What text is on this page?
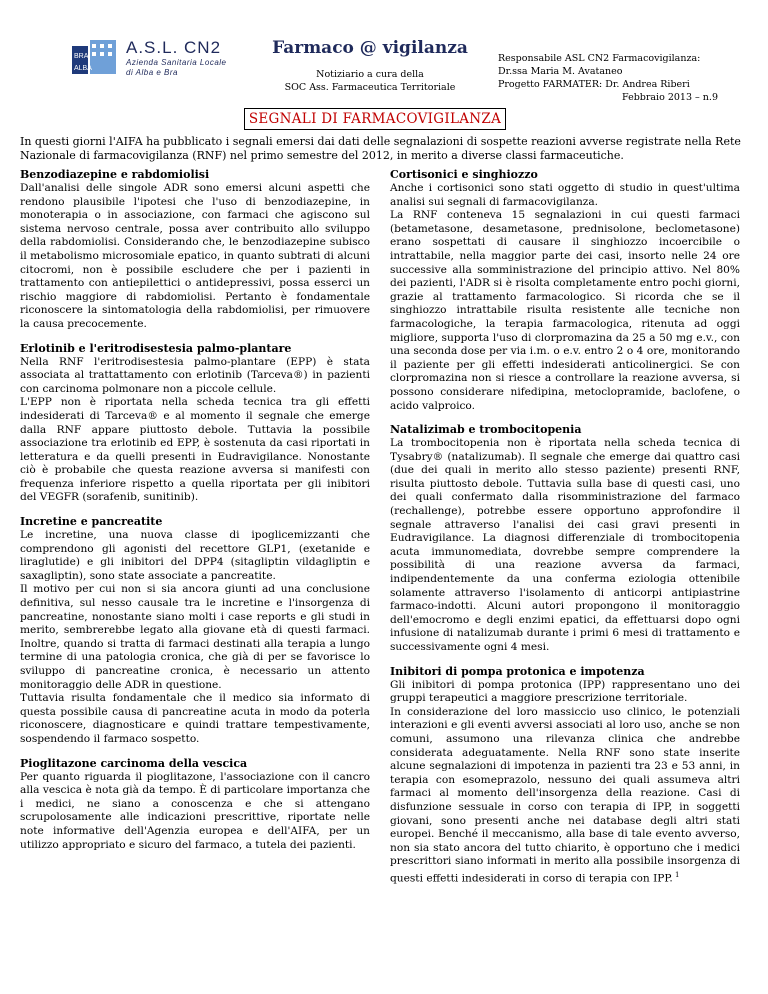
BRA
ALBA
A.S.L. CN2
Azienda Sanitaria Locale
di Alba e Bra
Farmaco @ vigilanza

Notiziario a cura della
SOC Ass. Farmaceutica Territoriale

Responsabile ASL CN2 Farmacovigilanza:
Dr.ssa Maria M. Avataneo
Progetto FARMATER: Dr. Andrea Riberi
Febbraio 2013 – n.9
SEGNALI DI FARMACOVIGILANZA
In questi giorni l'AIFA ha pubblicato i segnali emersi dai dati delle segnalazioni di sospette reazioni avverse registrate nella Rete Nazionale di farmacovigilanza (RNF) nel primo semestre del 2012, in merito a diverse classi farmaceutiche.
Benzodiazepine e rabdomiolisi

Dall'analisi delle singole ADR sono emersi alcuni aspetti che rendono plausibile l'ipotesi che l'uso di benzodiazepine, in monoterapia o in associazione, con farmaci che agiscono sul sistema nervoso centrale, possa aver contribuito allo sviluppo della rabdomiolisi. Considerando che, le benzodiazepine subisco il metabolismo microsomiale epatico, in quanto subtrati di alcuni citocromi, non è possibile escludere che per i pazienti in trattamento con antiepilettici o antidepressivi, possa esserci un rischio maggiore di rabdomiolisi. Pertanto è fondamentale riconoscere la sintomatologia della rabdomiolisi, per rimuovere la causa precocemente.

Erlotinib e l'eritrodisestesia palmo-plantare

Nella RNF l'eritrodisestesia palmo-plantare (EPP) è stata associata al trattattamento con erlotinib (Tarceva®) in pazienti con carcinoma polmonare non a piccole cellule.

L'EPP non è riportata nella scheda tecnica tra gli effetti indesiderati di Tarceva® e al momento il segnale che emerge dalla RNF appare piuttosto debole. Tuttavia la possibile associazione tra erlotinib ed EPP, è sostenuta da casi riportati in letteratura e da quelli presenti in Eudravigilance. Nonostante ciò è probabile che questa reazione avversa si manifesti con frequenza inferiore rispetto a quella riportata per gli inibitori del VEGFR (sorafenib, sunitinib).

Incretine e pancreatite

Le incretine, una nuova classe di ipoglicemizzanti che comprendono gli agonisti del recettore GLP1, (exetanide e liraglutide) e gli inibitori del DPP4 (sitagliptin vildagliptin e saxagliptin), sono state associate a pancreatite.

Il motivo per cui non si sia ancora giunti ad una conclusione definitiva, sul nesso causale tra le incretine e l'insorgenza di pancreatine, nonostante siano molti i case reports e gli studi in merito, sembrerebbe legato alla giovane età di questi farmaci. Inoltre, quando si tratta di farmaci destinati alla terapia a lungo termine di una patologia cronica, che già di per se favorisce lo sviluppo di pancreatine cronica, è necessario un attento monitoraggio delle ADR in questione.

Tuttavia risulta fondamentale che il medico sia informato di questa possibile causa di pancreatine acuta in modo da poterla riconoscere, diagnosticare e quindi trattare tempestivamente, sospendendo il farmaco sospetto.

Pioglitazone carcinoma della vescica

Per quanto riguarda il pioglitazone, l'associazione con il cancro alla vescica è nota già da tempo. È di particolare importanza che i medici, ne siano a conoscenza e che si attengano scrupolosamente alle indicazioni prescrittive, riportate nelle note informative dell'Agenzia europea e dell'AIFA, per un utilizzo appropriato e sicuro del farmaco, a tutela dei pazienti.

Cortisonici e singhiozzo

Anche i cortisonici sono stati oggetto di studio in quest'ultima analisi sui segnali di farmacovigilanza.

La RNF conteneva 15 segnalazioni in cui questi farmaci (betametasone, desametasone, prednisolone, beclometasone) erano sospettati di causare il singhiozzo incoercibile o intrattabile, nella maggior parte dei casi, insorto nelle 24 ore successive alla somministrazione del principio attivo. Nel 80% dei pazienti, l'ADR si è risolta completamente entro pochi giorni, grazie al trattamento farmacologico. Si ricorda che se il singhiozzo intrattabile risulta resistente alle tecniche non farmacologiche, la terapia farmacologica, ritenuta ad oggi migliore, supporta l'uso di clorpromazina da 25 a 50 mg e.v., con una seconda dose per via i.m. o e.v. entro 2 o 4 ore, monitorando il paziente per gli effetti indesiderati anticolinergici. Se con clorpromazina non si riesce a controllare la reazione avversa, si possono considerare nifedipina, metoclopramide, baclofene, o acido valproico.

Natalizimab e trombocitopenia

La trombocitopenia non è riportata nella scheda tecnica di Tysabry® (natalizumab). Il segnale che emerge dai quattro casi (due dei quali in merito allo stesso paziente) presenti RNF, risulta piuttosto debole. Tuttavia sulla base di questi casi, uno dei quali confermato dalla risomministrazione del farmaco (rechallenge), potrebbe essere opportuno approfondire il segnale attraverso l'analisi dei casi gravi presenti in Eudravigilance. La diagnosi differenziale di trombocitopenia acuta immunomediata, dovrebbe sempre comprendere la possibilità di una reazione avversa da farmaci, indipendentemente da una conferma eziologia ottenibile solamente attraverso l'isolamento di anticorpi antipiastrine farmaco-indotti. Alcuni autori propongono il monitoraggio dell'emocromo e degli enzimi epatici, da effettuarsi dopo ogni infusione di natalizumab durante i primi 6 mesi di trattamento e successivamente ogni 4 mesi.

Inibitori di pompa protonica e impotenza

Gli inibitori di pompa protonica (IPP) rappresentano uno dei gruppi terapeutici a maggiore prescrizione territoriale.

In considerazione del loro massiccio uso clinico, le potenziali interazioni e gli eventi avversi associati al loro uso, anche se non comuni, assumono una rilevanza clinica che andrebbe considerata adeguatamente. Nella RNF sono state inserite alcune segnalazioni di impotenza in pazienti tra 23 e 53 anni, in terapia con esomeprazolo, nessuno dei quali assumeva altri farmaci al momento dell'insorgenza della reazione. Casi di disfunzione sessuale in corso con terapia di IPP, in soggetti giovani, sono presenti anche nei database degli altri stati europei. Benché il meccanismo, alla base di tale evento avverso, non sia stato ancora del tutto chiarito, è opportuno che i medici prescrittori siano informati in merito alla possibile insorgenza di questi effetti indesiderati in corso di terapia con IPP. $^1$
